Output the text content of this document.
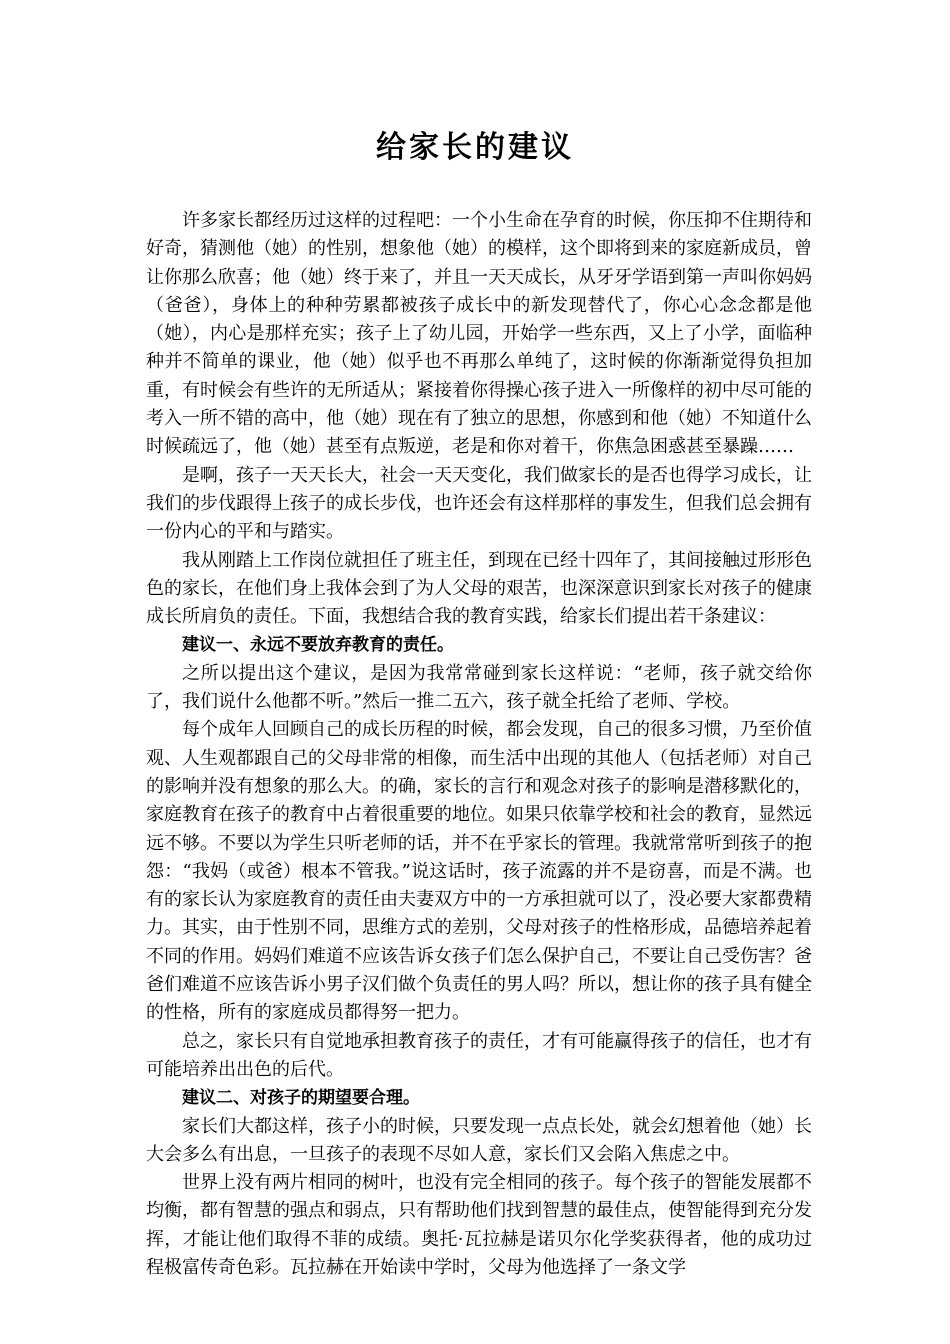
给家长的建议

许多家长都经历过这样的过程吧：一个小生命在孕育的时候，你压抑不住期待和好奇，猜测他（她）的性别，想象他（她）的模样，这个即将到来的家庭新成员，曾让你那么欣喜；他（她）终于来了，并且一天天成长，从牙牙学语到第一声叫你妈妈（爸爸），身体上的种种劳累都被孩子成长中的新发现替代了，你心心念念都是他（她），内心是那样充实；孩子上了幼儿园，开始学一些东西，又上了小学，面临种种并不简单的课业，他（她）似乎也不再那么单纯了，这时候的你渐渐觉得负担加重，有时候会有些许的无所适从；紧接着你得操心孩子进入一所像样的初中尽可能的考入一所不错的高中，他（她）现在有了独立的思想，你感到和他（她）不知道什么时候疏远了，他（她）甚至有点叛逆，老是和你对着干，你焦急困惑甚至暴躁……

是啊，孩子一天天长大，社会一天天变化，我们做家长的是否也得学习成长，让我们的步伐跟得上孩子的成长步伐，也许还会有这样那样的事发生，但我们总会拥有一份内心的平和与踏实。

我从刚踏上工作岗位就担任了班主任，到现在已经十四年了，其间接触过形形色色的家长，在他们身上我体会到了为人父母的艰苦，也深深意识到家长对孩子的健康成长所肩负的责任。下面，我想结合我的教育实践，给家长们提出若干条建议：

建议一、永远不要放弃教育的责任。

之所以提出这个建议，是因为我常常碰到家长这样说：“老师，孩子就交给你了，我们说什么他都不听。”然后一推二五六，孩子就全托给了老师、学校。

每个成年人回顾自己的成长历程的时候，都会发现，自己的很多习惯，乃至价值观、人生观都跟自己的父母非常的相像，而生活中出现的其他人（包括老师）对自己的影响并没有想象的那么大。的确，家长的言行和观念对孩子的影响是潜移默化的，家庭教育在孩子的教育中占着很重要的地位。如果只依靠学校和社会的教育，显然远远不够。不要以为学生只听老师的话，并不在乎家长的管理。我就常常听到孩子的抱怨：“我妈（或爸）根本不管我。”说这话时，孩子流露的并不是窃喜，而是不满。也有的家长认为家庭教育的责任由夫妻双方中的一方承担就可以了，没必要大家都费精力。其实，由于性别不同，思维方式的差别，父母对孩子的性格形成，品德培养起着不同的作用。妈妈们难道不应该告诉女孩子们怎么保护自己，不要让自己受伤害？爸爸们难道不应该告诉小男子汉们做个负责任的男人吗？所以，想让你的孩子具有健全的性格，所有的家庭成员都得努一把力。

总之，家长只有自觉地承担教育孩子的责任，才有可能赢得孩子的信任，也才有可能培养出出色的后代。

建议二、对孩子的期望要合理。

家长们大都这样，孩子小的时候，只要发现一点点长处，就会幻想着他（她）长大会多么有出息，一旦孩子的表现不尽如人意，家长们又会陷入焦虑之中。

世界上没有两片相同的树叶，也没有完全相同的孩子。每个孩子的智能发展都不均衡，都有智慧的强点和弱点，只有帮助他们找到智慧的最佳点，使智能得到充分发挥，才能让他们取得不菲的成绩。奥托·瓦拉赫是诺贝尔化学奖获得者，他的成功过程极富传奇色彩。瓦拉赫在开始读中学时，父母为他选择了一条文学
